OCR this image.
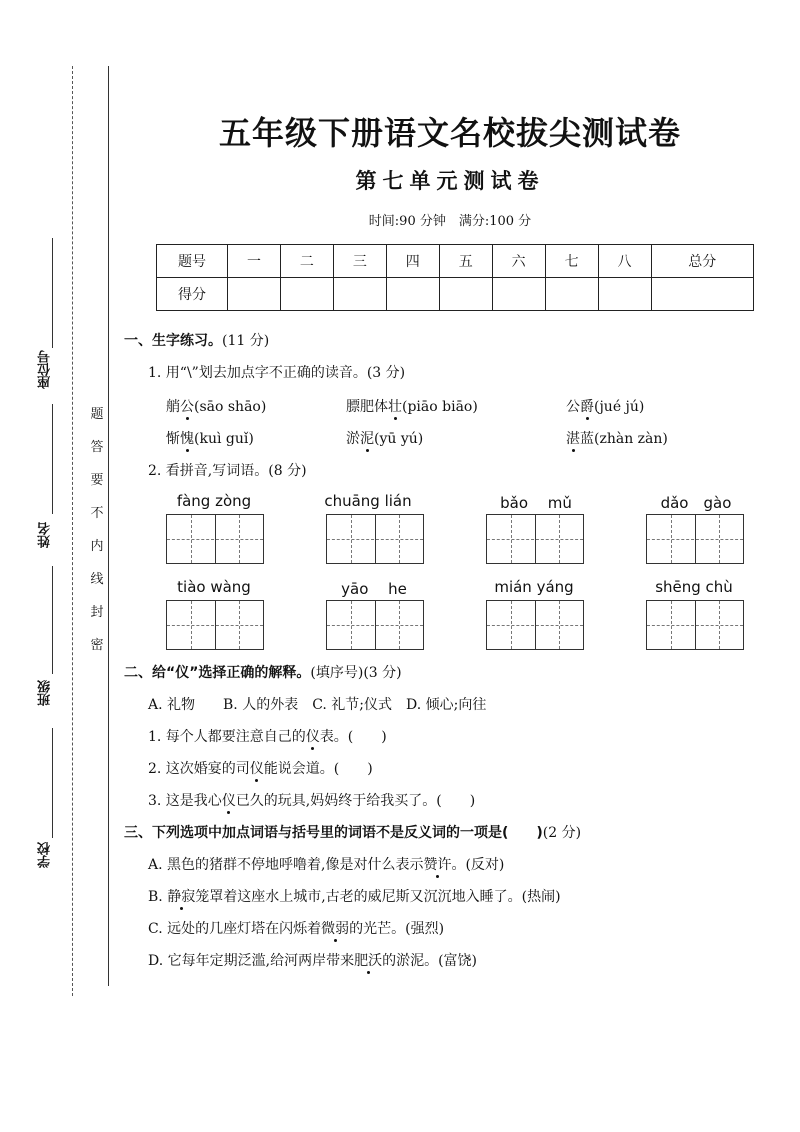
座位号
姓名
班级
学校
题
答
要
不
内
线
封
密
五年级下册语文名校拔尖测试卷
第七单元测试卷
时间:90 分钟　满分:100 分
题号	一	二	三	四	五	六	七	八	总分
得分									
一、生字练习。(11 分)
1. 用“\”划去加点字不正确的读音。(3 分)
艄公(sāo shāo)	膘肥体壮(piāo biāo)	公爵(jué jú)
惭愧(kuì guǐ)	淤泥(yū yú)	湛蓝(zhàn zàn)
2. 看拼音,写词语。(8 分)
fàng zòng	chuāng lián	bǎo　 mǔ	dǎo　gào
tiào wàng	yāo　 he	mián yáng	shēng chù
二、给“仪”选择正确的解释。(填序号)(3 分)
A. 礼物　　B. 人的外表　C. 礼节;仪式　D. 倾心;向往
1. 每个人都要注意自己的仪表。(　　)
2. 这次婚宴的司仪能说会道。(　　)
3. 这是我心仪已久的玩具,妈妈终于给我买了。(　　)
三、下列选项中加点词语与括号里的词语不是反义词的一项是(　　)(2 分)
A. 黑色的猪群不停地呼噜着,像是对什么表示赞许。(反对)
B. 静寂笼罩着这座水上城市,古老的威尼斯又沉沉地入睡了。(热闹)
C. 远处的几座灯塔在闪烁着微弱的光芒。(强烈)
D. 它每年定期泛滥,给河两岸带来肥沃的淤泥。(富饶)
